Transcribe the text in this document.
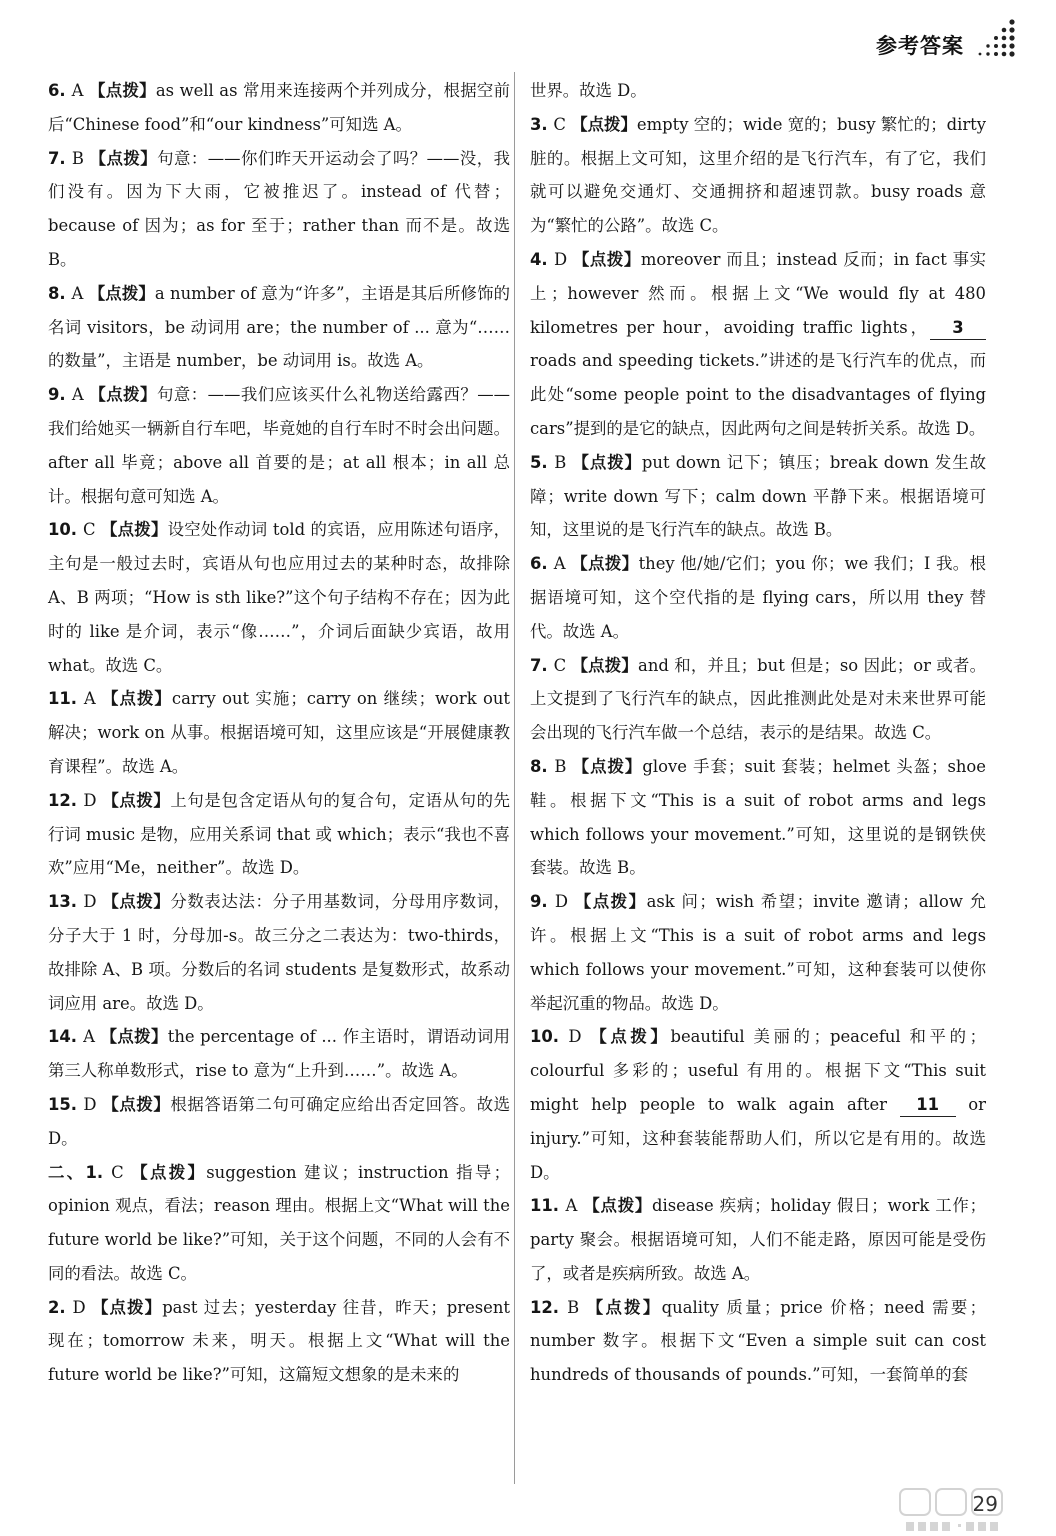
参考答案

6. A 【点拨】as well as 常用来连接两个并列成分，根据空前后“Chinese food”和“our kindness”可知选 A。

7. B 【点拨】句意：——你们昨天开运动会了吗？——没，我们没有。因为下大雨，它被推迟了。instead of 代替；because of 因为；as for 至于；rather than 而不是。故选 B。

8. A 【点拨】a number of 意为“许多”，主语是其后所修饰的名词 visitors，be 动词用 are；the number of ... 意为“……的数量”，主语是 number，be 动词用 is。故选 A。

9. A 【点拨】句意：——我们应该买什么礼物送给露西？——我们给她买一辆新自行车吧，毕竟她的自行车时不时会出问题。after all 毕竟；above all 首要的是；at all 根本；in all 总计。根据句意可知选 A。

10. C 【点拨】设空处作动词 told 的宾语，应用陈述句语序，主句是一般过去时，宾语从句也应用过去的某种时态，故排除 A、B 两项；“How is sth like?”这个句子结构不存在；因为此时的 like 是介词，表示“像……”，介词后面缺少宾语，故用 what。故选 C。

11. A 【点拨】carry out 实施；carry on 继续；work out 解决；work on 从事。根据语境可知，这里应该是“开展健康教育课程”。故选 A。

12. D 【点拨】上句是包含定语从句的复合句，定语从句的先行词 music 是物，应用关系词 that 或 which；表示“我也不喜欢”应用“Me，neither”。故选 D。

13. D 【点拨】分数表达法：分子用基数词，分母用序数词，分子大于 1 时，分母加-s。故三分之二表达为：two-thirds，故排除 A、B 项。分数后的名词 students 是复数形式，故系动词应用 are。故选 D。

14. A 【点拨】the percentage of ... 作主语时，谓语动词用第三人称单数形式，rise to 意为“上升到……”。故选 A。

15. D 【点拨】根据答语第二句可确定应给出否定回答。故选 D。

二、1. C 【点拨】suggestion 建议；instruction 指导；opinion 观点，看法；reason 理由。根据上文“What will the future world be like?”可知，关于这个问题，不同的人会有不同的看法。故选 C。

2. D 【点拨】past 过去；yesterday 往昔，昨天；present 现在；tomorrow 未来，明天。根据上文“What will the future world be like?”可知，这篇短文想象的是未来的

世界。故选 D。

3. C 【点拨】empty 空的；wide 宽的；busy 繁忙的；dirty 脏的。根据上文可知，这里介绍的是飞行汽车，有了它，我们就可以避免交通灯、交通拥挤和超速罚款。busy roads 意为“繁忙的公路”。故选 C。

4. D 【点拨】moreover 而且；instead 反而；in fact 事实上；however 然而。根据上文“We would fly at 480 kilometres per hour，avoiding traffic lights， 3 roads and speeding tickets.”讲述的是飞行汽车的优点，而此处“some people point to the disadvantages of flying cars”提到的是它的缺点，因此两句之间是转折关系。故选 D。

5. B 【点拨】put down 记下；镇压；break down 发生故障；write down 写下；calm down 平静下来。根据语境可知，这里说的是飞行汽车的缺点。故选 B。

6. A 【点拨】they 他/她/它们；you 你；we 我们；I 我。根据语境可知，这个空代指的是 flying cars，所以用 they 替代。故选 A。

7. C 【点拨】and 和，并且；but 但是；so 因此；or 或者。上文提到了飞行汽车的缺点，因此推测此处是对未来世界可能会出现的飞行汽车做一个总结，表示的是结果。故选 C。

8. B 【点拨】glove 手套；suit 套装；helmet 头盔；shoe 鞋。根据下文“This is a suit of robot arms and legs which follows your movement.”可知，这里说的是钢铁侠套装。故选 B。

9. D 【点拨】ask 问；wish 希望；invite 邀请；allow 允许。根据上文“This is a suit of robot arms and legs which follows your movement.”可知，这种套装可以使你举起沉重的物品。故选 D。

10. D 【点拨】beautiful 美丽的；peaceful 和平的；colourful 多彩的；useful 有用的。根据下文“This suit might help people to walk again after 11 or injury.”可知，这种套装能帮助人们，所以它是有用的。故选 D。

11. A 【点拨】disease 疾病；holiday 假日；work 工作；party 聚会。根据语境可知，人们不能走路，原因可能是受伤了，或者是疾病所致。故选 A。

12. B 【点拨】quality 质量；price 价格；need 需要；number 数字。根据下文“Even a simple suit can cost hundreds of thousands of pounds.”可知，一套简单的套

29
